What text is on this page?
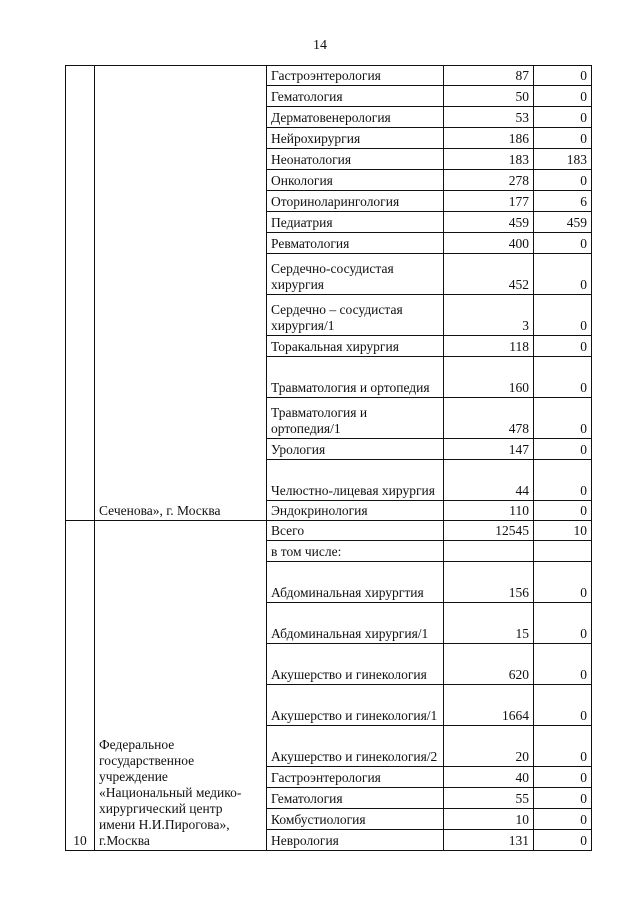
14
	Сеченова», г. Москва	Гастроэнтерология	87	0
		Гематология	50	0
		Дерматовенерология	53	0
		Нейрохирургия	186	0
		Неонатология	183	183
		Онкология	278	0
		Оториноларингология	177	6
		Педиатрия	459	459
		Ревматология	400	0
		Сердечно-сосудистая хирургия	452	0
		Сердечно – сосудистая хирургия/1	3	0
		Торакальная хирургия	118	0
		Травматология и ортопедия	160	0
		Травматология и ортопедия/1	478	0
		Урология	147	0
		Челюстно-лицевая хирургия	44	0
		Эндокринология	110	0
10	Федеральное государственное учреждение «Национальный медико-хирургический центр имени Н.И.Пирогова», г.Москва	Всего	12545	10
		в том числе:		
		Абдоминальная хирургтия	156	0
		Абдоминальная хирургия/1	15	0
		Акушерство и гинекология	620	0
		Акушерство и гинекология/1	1664	0
		Акушерство и гинекология/2	20	0
		Гастроэнтерология	40	0
		Гематология	55	0
		Комбустиология	10	0
		Неврология	131	0
